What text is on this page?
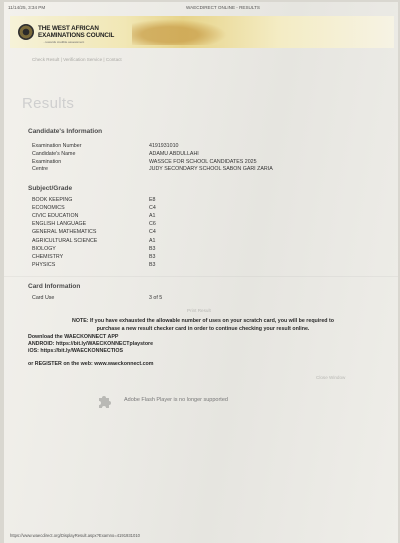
11/14/25, 3:34 PM	WAECDIRECT ONLINE - RESULTS
THE WEST AFRICAN
EXAMINATIONS COUNCIL
...towards credible assessment
Check Result | Verification Service | Contact
Results
Candidate's Information
Examination Number	4191931010
Candidate's Name	ADAMU ABDULLAHI
Examination	WASSCE FOR SCHOOL CANDIDATES 2025
Centre	JUDY SECONDARY SCHOOL SABON GARI ZARIA
Subject/Grade
BOOK KEEPING	E8
ECONOMICS	C4
CIVIC EDUCATION	A1
ENGLISH LANGUAGE	C6
GENERAL MATHEMATICS	C4
AGRICULTURAL SCIENCE	A1
BIOLOGY	B3
CHEMISTRY	B3
PHYSICS	B3
Card Information
Card Use	3 of 5
Print Result
NOTE: If you have exhausted the allowable number of uses on your scratch card, you will be required to
purchase a new result checker card in order to continue checking your result online.
Download the WAECKONNECT APP
ANDROID: https://bit.ly/WAECKONNECTplaystore
iOS: https://bit.ly/WAECKONNECTIOS
or REGISTER on the web: www.waeckonnect.com
Close Window
Adobe Flash Player is no longer supported
https://www.waecdirect.org/DisplayResult.aspx?Examno=4191931010
